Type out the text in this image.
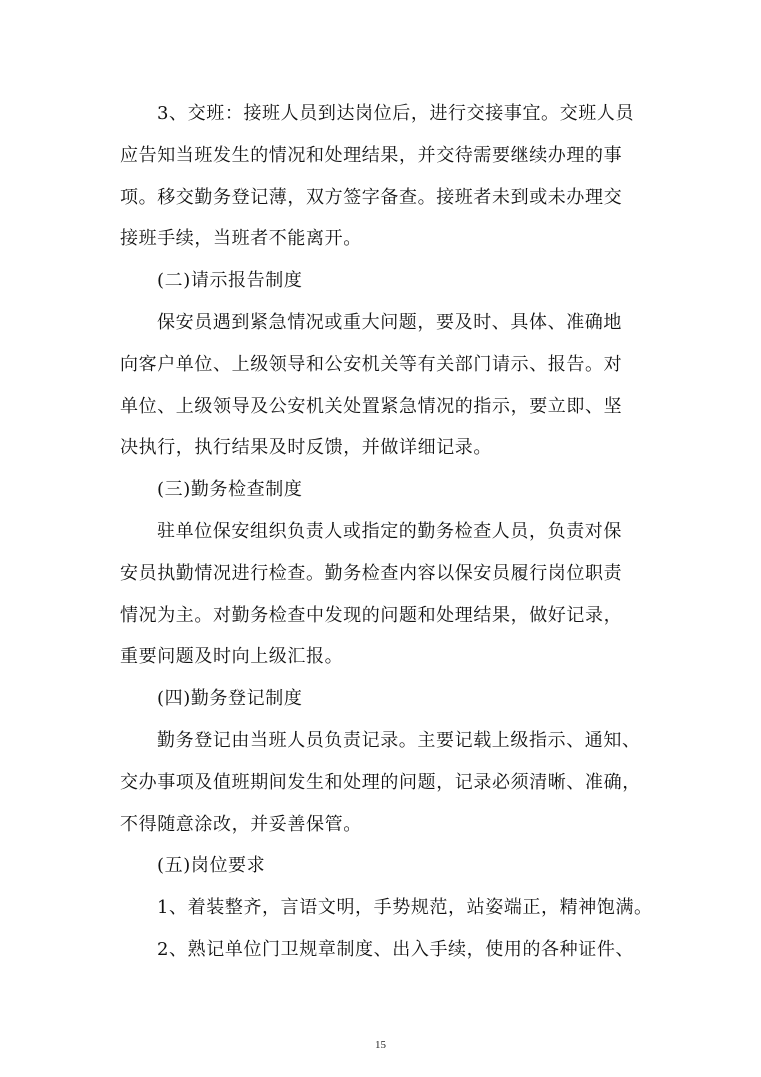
3、交班：接班人员到达岗位后，进行交接事宜。交班人员
应告知当班发生的情况和处理结果，并交待需要继续办理的事
项。移交勤务登记薄，双方签字备查。接班者未到或未办理交
接班手续，当班者不能离开。
(二)请示报告制度
保安员遇到紧急情况或重大问题，要及时、具体、准确地
向客户单位、上级领导和公安机关等有关部门请示、报告。对
单位、上级领导及公安机关处置紧急情况的指示，要立即、坚
决执行，执行结果及时反馈，并做详细记录。
(三)勤务检查制度
驻单位保安组织负责人或指定的勤务检查人员，负责对保
安员执勤情况进行检查。勤务检查内容以保安员履行岗位职责
情况为主。对勤务检查中发现的问题和处理结果，做好记录，
重要问题及时向上级汇报。
(四)勤务登记制度
勤务登记由当班人员负责记录。主要记载上级指示、通知、
交办事项及值班期间发生和处理的问题，记录必须清晰、准确，
不得随意涂改，并妥善保管。
(五)岗位要求
1、着装整齐，言语文明，手势规范，站姿端正，精神饱满。
2、熟记单位门卫规章制度、出入手续，使用的各种证件、
15
